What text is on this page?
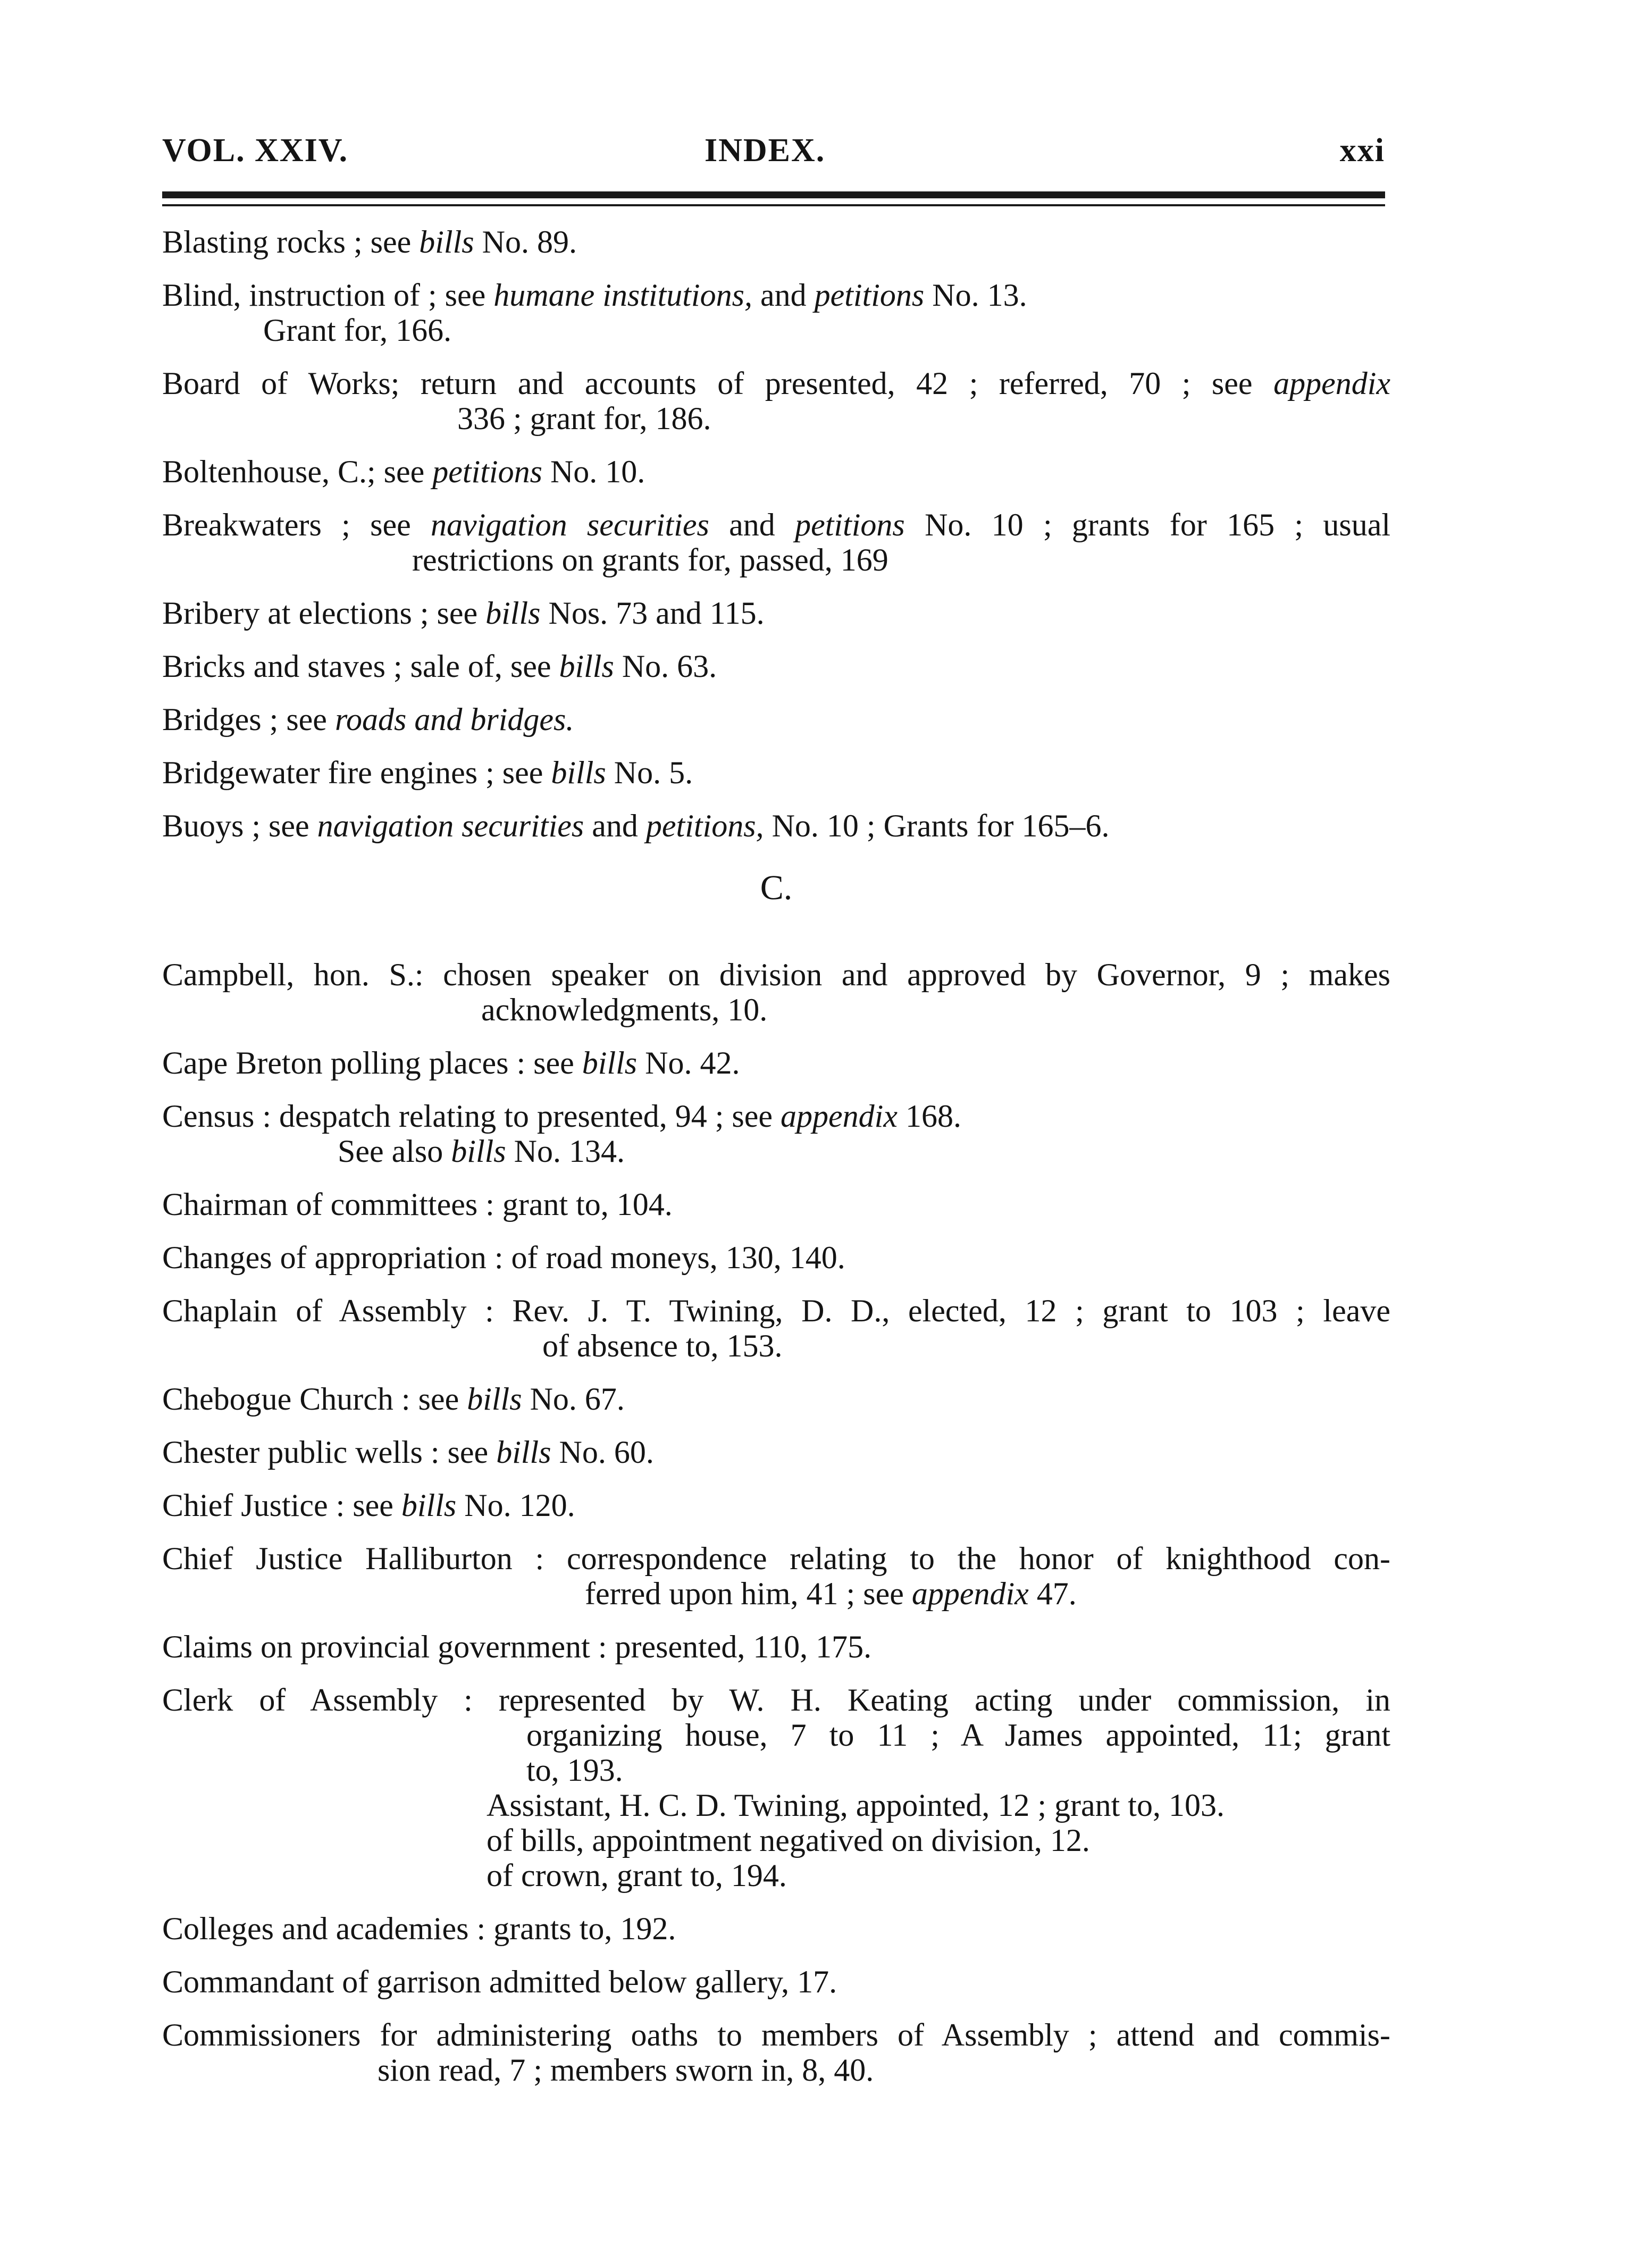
VOL. XXIV.	INDEX.	xxi
Blasting rocks ; see bills No. 89.
Blind, instruction of ; see humane institutions, and petitions No. 13.
Grant for, 166.
Board of Works; return and accounts of presented, 42 ; referred, 70 ; see appendix
336 ; grant for, 186.
Boltenhouse, C.; see petitions No. 10.
Breakwaters ; see navigation securities and petitions No. 10 ; grants for 165 ; usual
restrictions on grants for, passed, 169
Bribery at elections ; see bills Nos. 73 and 115.
Bricks and staves ; sale of, see bills No. 63.
Bridges ; see roads and bridges.
Bridgewater fire engines ; see bills No. 5.
Buoys ; see navigation securities and petitions, No. 10 ; Grants for 165–6.
C.
Campbell, hon. S.: chosen speaker on division and approved by Governor, 9 ; makes
acknowledgments, 10.
Cape Breton polling places : see bills No. 42.
Census : despatch relating to presented, 94 ; see appendix 168.
See also bills No. 134.
Chairman of committees : grant to, 104.
Changes of appropriation : of road moneys, 130, 140.
Chaplain of Assembly : Rev. J. T. Twining, D. D., elected, 12 ; grant to 103 ; leave
of absence to, 153.
Chebogue Church : see bills No. 67.
Chester public wells : see bills No. 60.
Chief Justice : see bills No. 120.
Chief Justice Halliburton : correspondence relating to the honor of knighthood con-
ferred upon him, 41 ; see appendix 47.
Claims on provincial government : presented, 110, 175.
Clerk of Assembly : represented by W. H. Keating acting under commission, in
organizing house, 7 to 11 ; A James appointed, 11; grant
to, 193.
Assistant, H. C. D. Twining, appointed, 12 ; grant to, 103.
of bills, appointment negatived on division, 12.
of crown, grant to, 194.
Colleges and academies : grants to, 192.
Commandant of garrison admitted below gallery, 17.
Commissioners for administering oaths to members of Assembly ; attend and commis-
sion read, 7 ; members sworn in, 8, 40.
